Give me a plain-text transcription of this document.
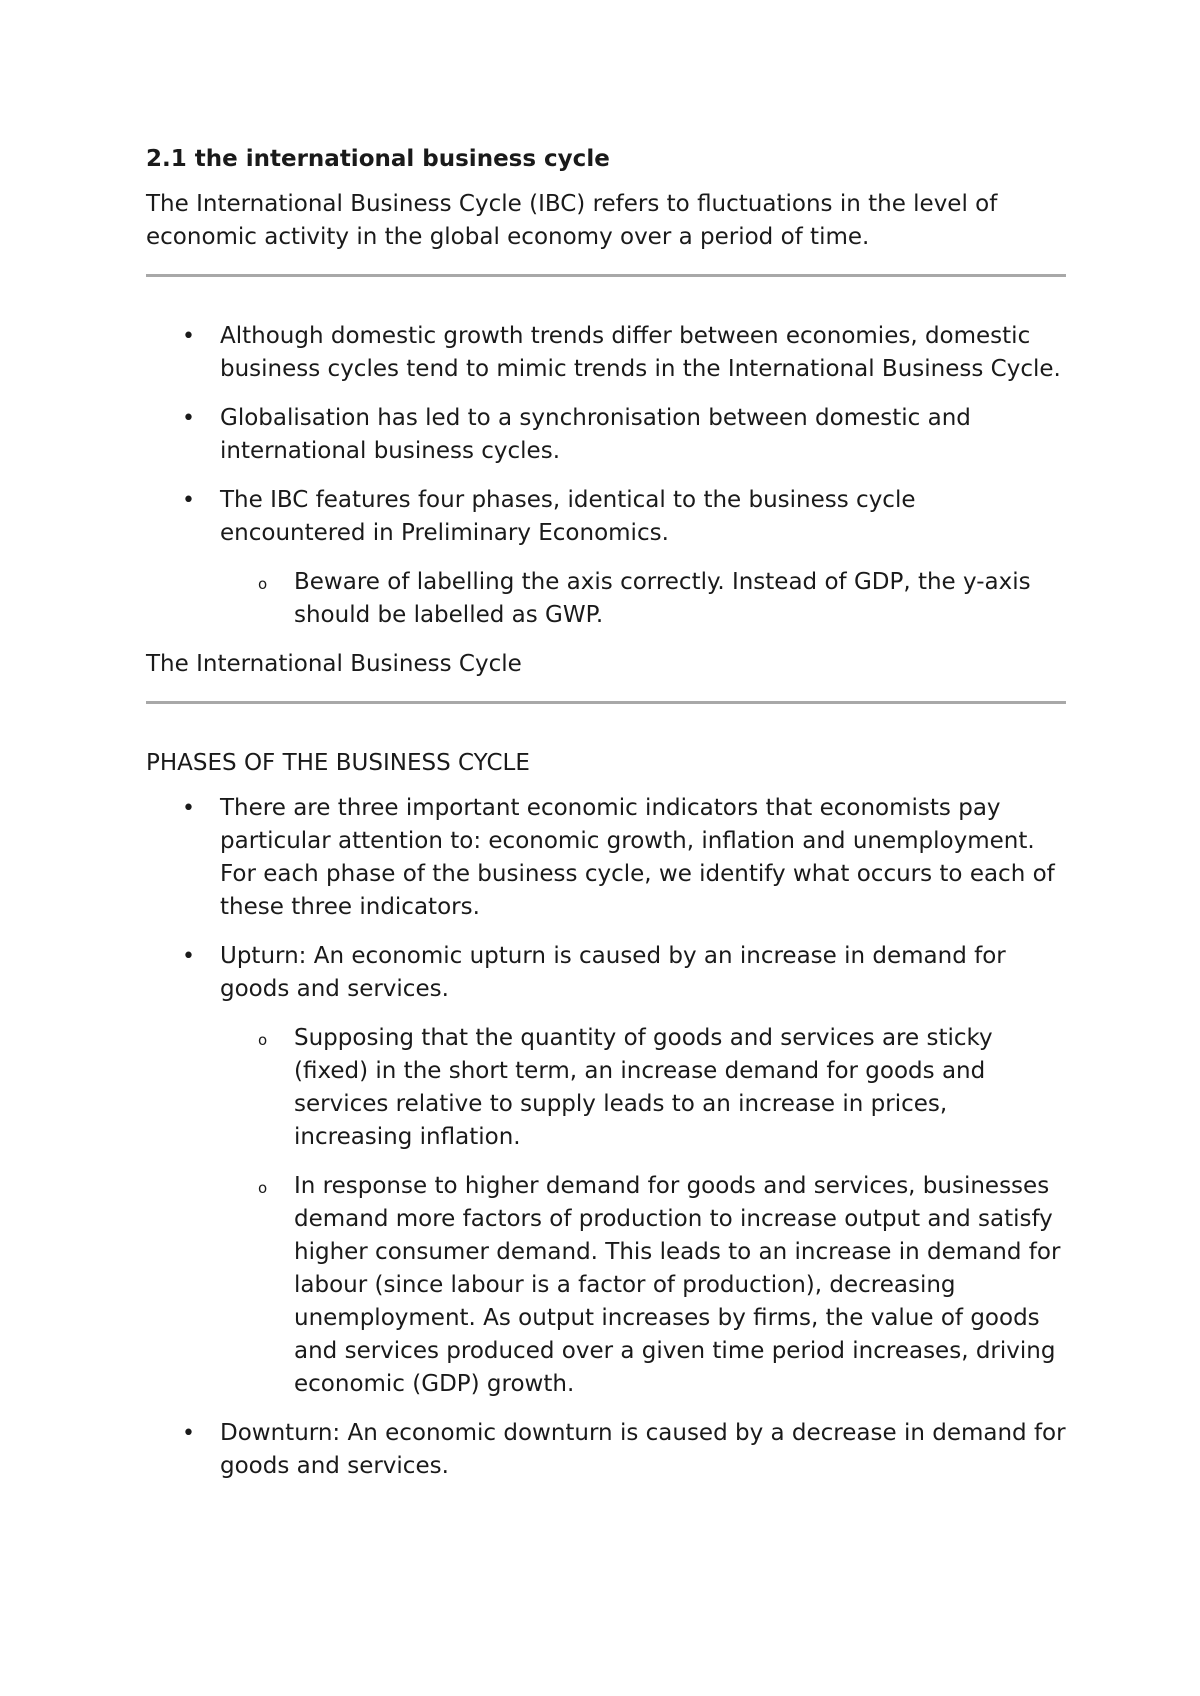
2.1 the international business cycle

The International Business Cycle (IBC) refers to fluctuations in the level of economic activity in the global economy over a period of time.

• Although domestic growth trends differ between economies, domestic business cycles tend to mimic trends in the International Business Cycle.
• Globalisation has led to a synchronisation between domestic and international business cycles.
• The IBC features four phases, identical to the business cycle encountered in Preliminary Economics.
o Beware of labelling the axis correctly. Instead of GDP, the y-axis should be labelled as GWP.

The International Business Cycle

PHASES OF THE BUSINESS CYCLE

• There are three important economic indicators that economists pay particular attention to: economic growth, inflation and unemployment. For each phase of the business cycle, we identify what occurs to each of these three indicators.
• Upturn: An economic upturn is caused by an increase in demand for goods and services.
o Supposing that the quantity of goods and services are sticky (fixed) in the short term, an increase demand for goods and services relative to supply leads to an increase in prices, increasing inflation.
o In response to higher demand for goods and services, businesses demand more factors of production to increase output and satisfy higher consumer demand. This leads to an increase in demand for labour (since labour is a factor of production), decreasing unemployment. As output increases by firms, the value of goods and services produced over a given time period increases, driving economic (GDP) growth.
• Downturn: An economic downturn is caused by a decrease in demand for goods and services.
